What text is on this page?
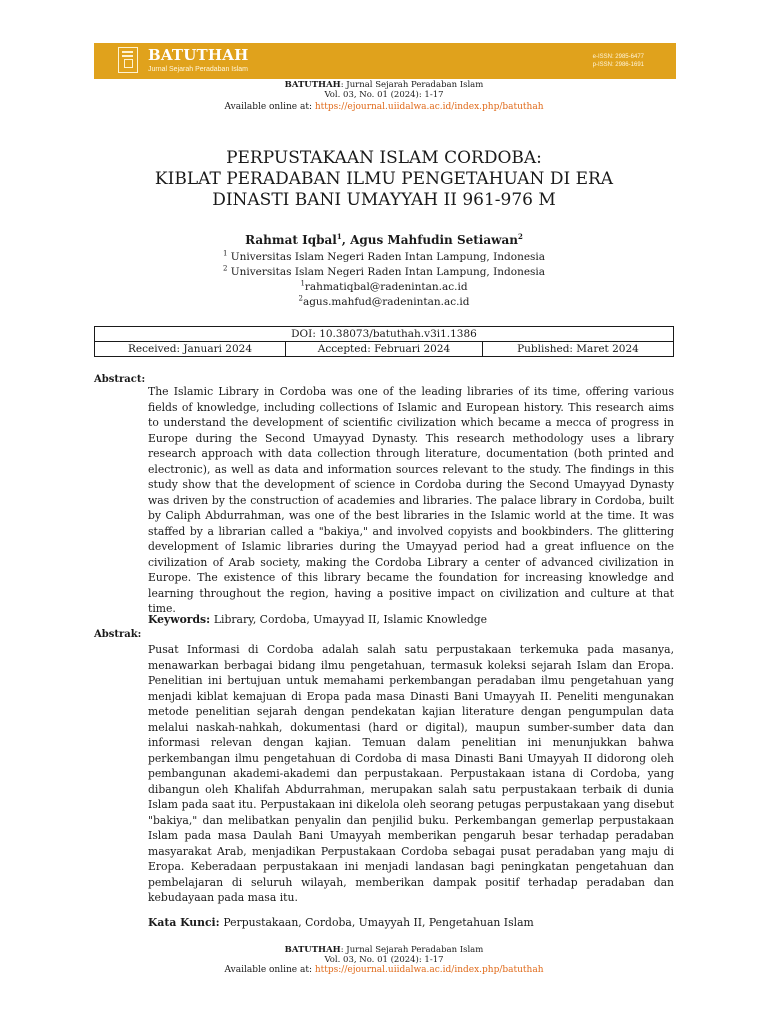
BATUTHAH
Jurnal Sejarah Peradaban Islam
e-ISSN: 2985-6477
p-ISSN: 2986-1691
BATUTHAH: Jurnal Sejarah Peradaban Islam
Vol. 03, No. 01 (2024): 1-17
Available online at: https://ejournal.uiidalwa.ac.id/index.php/batuthah
PERPUSTAKAAN ISLAM CORDOBA:
KIBLAT PERADABAN ILMU PENGETAHUAN DI ERA
DINASTI BANI UMAYYAH II 961-976 M
Rahmat Iqbal$^1$, Agus Mahfudin Setiawan$^2$
$^1$ Universitas Islam Negeri Raden Intan Lampung, Indonesia
$^2$ Universitas Islam Negeri Raden Intan Lampung, Indonesia
$^1$rahmatiqbal@radenintan.ac.id
$^2$agus.mahfud@radenintan.ac.id
DOI: 10.38073/batuthah.v3i1.1386
Received: Januari 2024	Accepted: Februari 2024	Published: Maret 2024
Abstract:

The Islamic Library in Cordoba was one of the leading libraries of its time, offering various fields of knowledge, including collections of Islamic and European history. This research aims to understand the development of scientific civilization which became a mecca of progress in Europe during the Second Umayyad Dynasty. This research methodology uses a library research approach with data collection through literature, documentation (both printed and electronic), as well as data and information sources relevant to the study. The findings in this study show that the development of science in Cordoba during the Second Umayyad Dynasty was driven by the construction of academies and libraries. The palace library in Cordoba, built by Caliph Abdurrahman, was one of the best libraries in the Islamic world at the time. It was staffed by a librarian called a "bakiya," and involved copyists and bookbinders. The glittering development of Islamic libraries during the Umayyad period had a great influence on the civilization of Arab society, making the Cordoba Library a center of advanced civilization in Europe. The existence of this library became the foundation for increasing knowledge and learning throughout the region, having a positive impact on civilization and culture at that time.

Keywords: Library, Cordoba, Umayyad II, Islamic Knowledge
Abstrak:

Pusat Informasi di Cordoba adalah salah satu perpustakaan terkemuka pada masanya, menawarkan berbagai bidang ilmu pengetahuan, termasuk koleksi sejarah Islam dan Eropa. Penelitian ini bertujuan untuk memahami perkembangan peradaban ilmu pengetahuan yang menjadi kiblat kemajuan di Eropa pada masa Dinasti Bani Umayyah II. Peneliti mengunakan metode penelitian sejarah dengan pendekatan kajian literature dengan pengumpulan data melalui naskah-nahkah, dokumentasi (hard or digital), maupun sumber-sumber data dan informasi relevan dengan kajian. Temuan dalam penelitian ini menunjukkan bahwa perkembangan ilmu pengetahuan di Cordoba di masa Dinasti Bani Umayyah II didorong oleh pembangunan akademi-akademi dan perpustakaan. Perpustakaan istana di Cordoba, yang dibangun oleh Khalifah Abdurrahman, merupakan salah satu perpustakaan terbaik di dunia Islam pada saat itu. Perpustakaan ini dikelola oleh seorang petugas perpustakaan yang disebut "bakiya," dan melibatkan penyalin dan penjilid buku. Perkembangan gemerlap perpustakaan Islam pada masa Daulah Bani Umayyah memberikan pengaruh besar terhadap peradaban masyarakat Arab, menjadikan Perpustakaan Cordoba sebagai pusat peradaban yang maju di Eropa. Keberadaan perpustakaan ini menjadi landasan bagi peningkatan pengetahuan dan pembelajaran di seluruh wilayah, memberikan dampak positif terhadap peradaban dan kebudayaan pada masa itu.

Kata Kunci: Perpustakaan, Cordoba, Umayyah II, Pengetahuan Islam
BATUTHAH: Jurnal Sejarah Peradaban Islam
Vol. 03, No. 01 (2024): 1-17
Available online at: https://ejournal.uiidalwa.ac.id/index.php/batuthah
